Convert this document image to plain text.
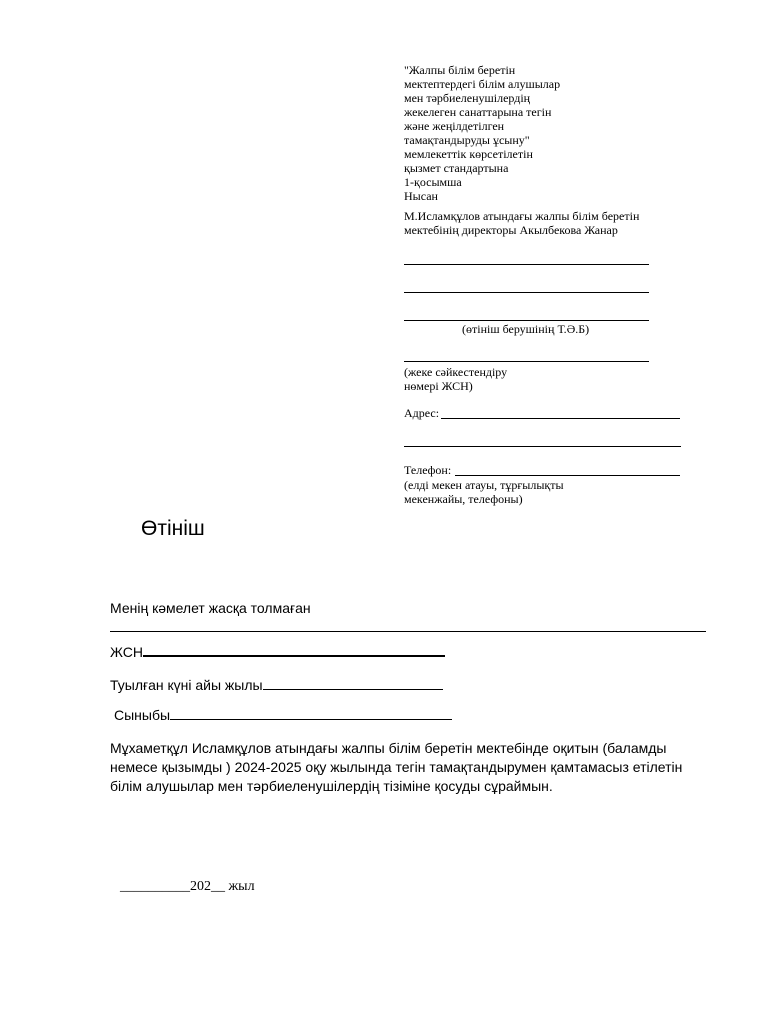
"Жалпы білім беретін
мектептердегі білім алушылар
мен тәрбиеленушілердің
жекелеген санаттарына тегін
және жеңілдетілген
тамақтандыруды ұсыну"
мемлекеттік көрсетілетін
қызмет стандартына
1-қосымша
Нысан
М.Исламқұлов атындағы жалпы білім беретін
мектебінің директоры Акылбекова Жанар
(өтініш берушінің Т.Ә.Б)
(жеке сәйкестендіру
нөмері ЖСН)
Адрес:
Телефон:
(елді мекен атауы, тұрғылықты
мекенжайы, телефоны)
Өтініш
Менің кәмелет жасқа толмаған
ЖСН
Туылған күні айы жылы
Сыныбы
Мұхаметқұл Исламқұлов атындағы жалпы білім беретін мектебінде оқитын (баламды немесе қызымды ) 2024-2025 оқу жылында тегін тамақтандырумен қамтамасыз етілетін білім алушылар мен тәрбиеленушілердің тізіміне қосуды сұраймын.
__________202__ жыл
